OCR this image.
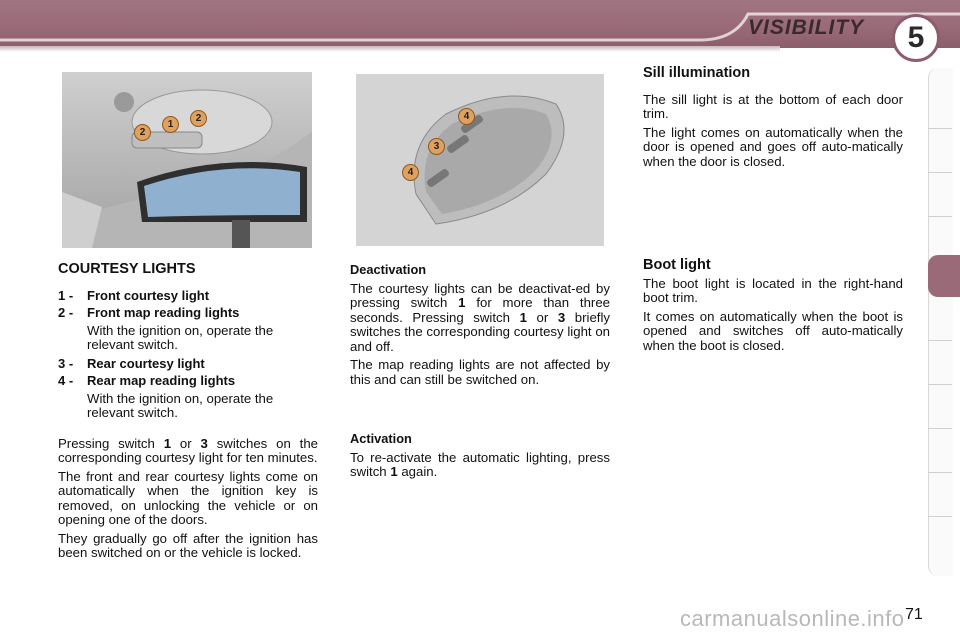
VISIBILITY	5
2
1
2	4
3
4
COURTESY LIGHTS
1 -	Front courtesy light
2 -	Front map reading lights
With the ignition on, operate the relevant switch.
3 -	Rear courtesy light
4 -	Rear map reading lights
With the ignition on, operate the relevant switch.

Pressing switch 1 or 3 switches on the corresponding courtesy light for ten minutes.

The front and rear courtesy lights come on automatically when the ignition key is removed, on unlocking the vehicle or on opening one of the doors.

They gradually go off after the ignition has been switched on or the vehicle is locked.

Deactivation

The courtesy lights can be deactivat-ed by pressing switch 1 for more than three seconds. Pressing switch 1 or 3 briefly switches the corresponding courtesy light on and off.

The map reading lights are not affected by this and can still be switched on.

Activation

To re-activate the automatic lighting, press switch 1 again.

Sill illumination

The sill light is at the bottom of each door trim.

The light comes on automatically when the door is opened and goes off auto-matically when the door is closed.

Boot light

The boot light is located in the right-hand boot trim.

It comes on automatically when the boot is opened and switches off auto-matically when the boot is closed.

carmanualsonline.info 71
